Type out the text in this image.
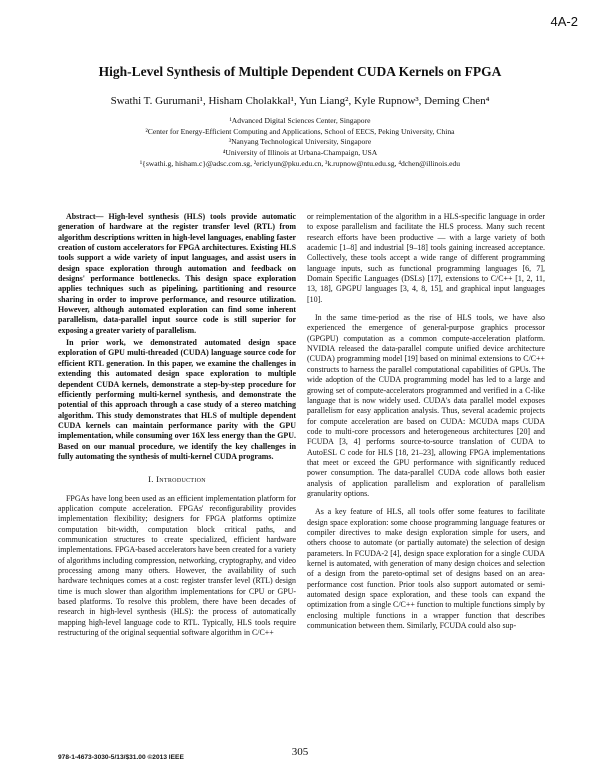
4A-2
High-Level Synthesis of Multiple Dependent CUDA Kernels on FPGA
Swathi T. Gurumani¹, Hisham Cholakkal¹, Yun Liang², Kyle Rupnow³, Deming Chen⁴
¹Advanced Digital Sciences Center, Singapore
²Center for Energy-Efficient Computing and Applications, School of EECS, Peking University, China
³Nanyang Technological University, Singapore
⁴University of Illinois at Urbana-Champaign, USA
¹{swathi.g, hisham.c}@adsc.com.sg, ²ericlyun@pku.edu.cn, ³k.rupnow@ntu.edu.sg, ⁴dchen@illinois.edu

Abstract— High-level synthesis (HLS) tools provide automatic generation of hardware at the register transfer level (RTL) from algorithm descriptions written in high-level languages, enabling faster creation of custom accelerators for FPGA architectures. Existing HLS tools support a wide variety of input languages, and assist users in design space exploration through automation and feedback on designs' performance bottlenecks. This design space exploration applies techniques such as pipelining, partitioning and resource sharing in order to improve performance, and resource utilization. However, although automated exploration can find some inherent parallelism, data-parallel input source code is still superior for exposing a greater variety of parallelism.

In prior work, we demonstrated automated design space exploration of GPU multi-threaded (CUDA) language source code for efficient RTL generation. In this paper, we examine the challenges in extending this automated design space exploration to multiple dependent CUDA kernels, demonstrate a step-by-step procedure for efficiently performing multi-kernel synthesis, and demonstrate the potential of this approach through a case study of a stereo matching algorithm. This study demonstrates that HLS of multiple dependent CUDA kernels can maintain performance parity with the GPU implementation, while consuming over 16X less energy than the GPU. Based on our manual procedure, we identify the key challenges in fully automating the synthesis of multi-kernel CUDA programs.

I. Introduction

FPGAs have long been used as an efficient implementation platform for application compute acceleration. FPGAs' reconfigurability provides implementation flexibility; designers for FPGA platforms optimize computation bit-width, computation block critical paths, and communication structures to create specialized, efficient hardware implementations. FPGA-based accelerators have been created for a variety of algorithms including compression, networking, cryptography, and video processing among many others. However, the availability of such hardware techniques comes at a cost: register transfer level (RTL) design time is much slower than algorithm implementations for CPU or GPU-based platforms. To resolve this problem, there have been decades of research in high-level synthesis (HLS): the process of automatically mapping high-level language code to RTL. Typically, HLS tools require restructuring of the original sequential software algorithm in C/C++

or reimplementation of the algorithm in a HLS-specific language in order to expose parallelism and facilitate the HLS process. Many such recent research efforts have been productive — with a large variety of both academic [1–8] and industrial [9–18] tools gaining increased acceptance. Collectively, these tools accept a wide range of different programming language inputs, such as functional programming languages [6, 7], Domain Specific Languages (DSLs) [17], extensions to C/C++ [1, 2, 11, 13, 18], GPGPU languages [3, 4, 8, 15], and graphical input languages [10].

In the same time-period as the rise of HLS tools, we have also experienced the emergence of general-purpose graphics processor (GPGPU) computation as a common compute-acceleration platform. NVIDIA released the data-parallel compute unified device architecture (CUDA) programming model [19] based on minimal extensions to C/C++ constructs to harness the parallel computational capabilities of GPUs. The wide adoption of the CUDA programming model has led to a large and growing set of compute-accelerators programmed and verified in a C-like language that is now widely used. CUDA's data parallel model exposes parallelism for easy application analysis. Thus, several academic projects for compute acceleration are based on CUDA: MCUDA maps CUDA code to multi-core processors and heterogeneous architectures [20] and FCUDA [3, 4] performs source-to-source translation of CUDA to AutoESL C code for HLS [18, 21–23], allowing FPGA implementations that meet or exceed the GPU performance with significantly reduced power consumption. The data-parallel CUDA code allows both easier analysis of application parallelism and exploration of parallelism granularity options.

As a key feature of HLS, all tools offer some features to facilitate design space exploration: some choose programming language features or compiler directives to make design exploration simple for users, and others choose to automate (or partially automate) the selection of design parameters. In FCUDA-2 [4], design space exploration for a single CUDA kernel is automated, with generation of many design choices and selection of a design from the pareto-optimal set of designs based on an area-performance cost function. Prior tools also support automated or semi-automated design space exploration, and these tools can expand the optimization from a single C/C++ function to multiple functions simply by enclosing multiple functions in a wrapper function that describes communication between them. Similarly, FCUDA could also sup-

978-1-4673-3030-5/13/$31.00 ©2013 IEEE	305
